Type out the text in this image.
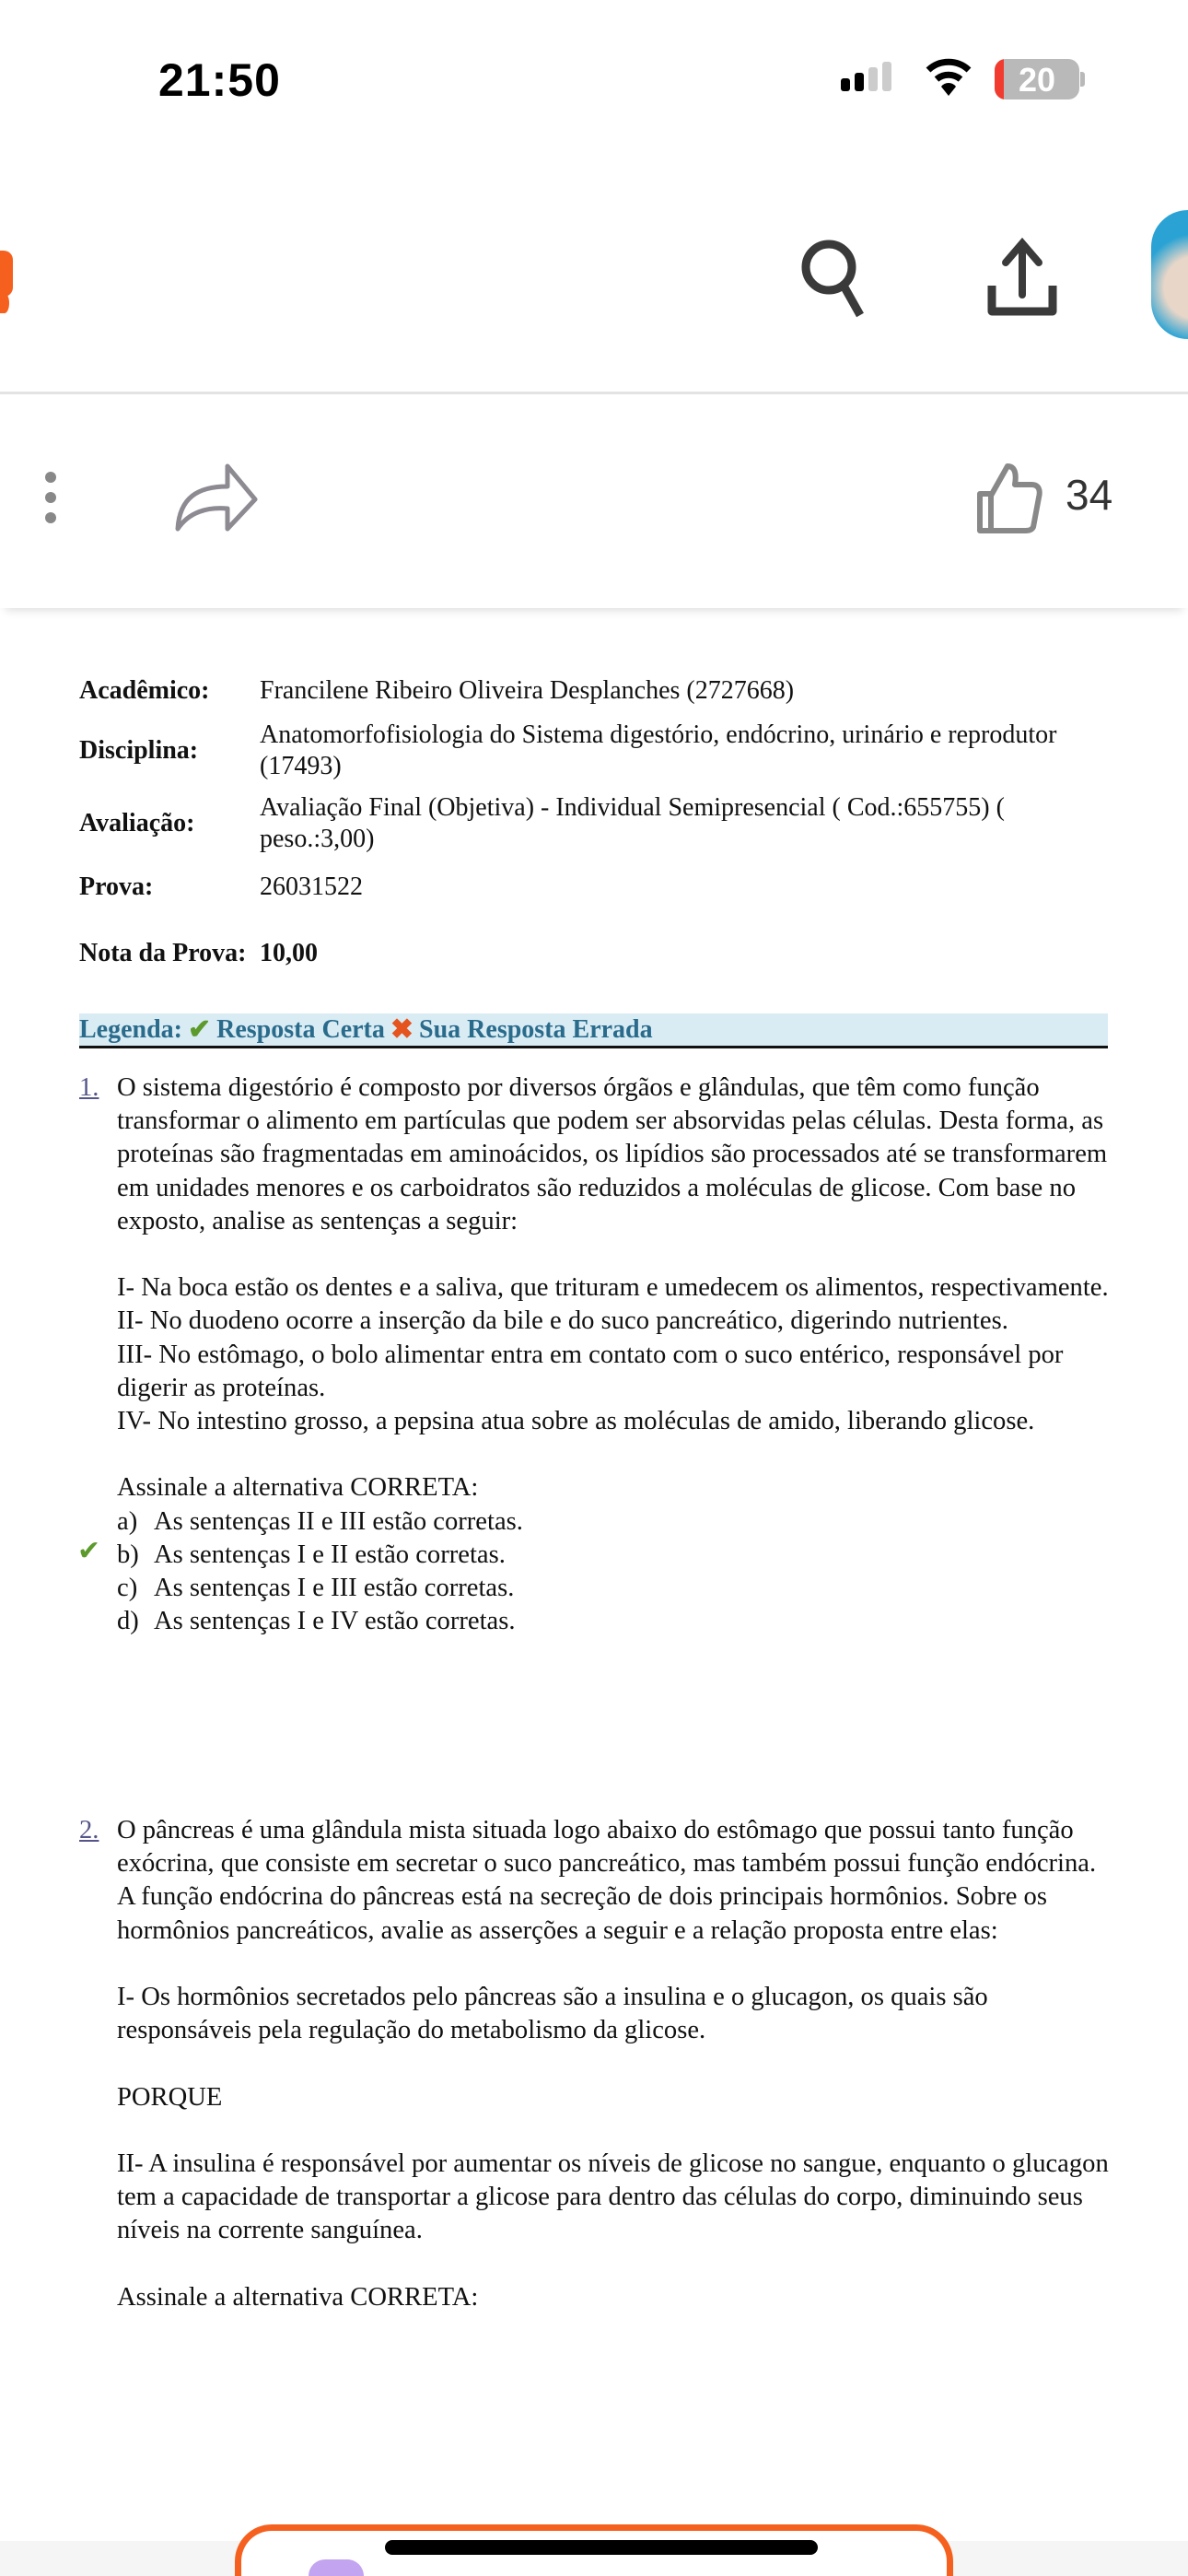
21:50	20
34
Acadêmico:	Francilene Ribeiro Oliveira Desplanches (2727668)
Disciplina:	Anatomorfofisiologia do Sistema digestório, endócrino, urinário e reprodutor (17493)
Avaliação:	Avaliação Final (Objetiva) - Individual Semipresencial ( Cod.:655755) ( peso.:3,00)
Prova:	26031522
Nota da Prova:	10,00
Legenda: ✔ Resposta Certa ✖ Sua Resposta Errada
1. O sistema digestório é composto por diversos órgãos e glândulas, que têm como função transformar o alimento em partículas que podem ser absorvidas pelas células. Desta forma, as proteínas são fragmentadas em aminoácidos, os lipídios são processados até se transformarem em unidades menores e os carboidratos são reduzidos a moléculas de glicose. Com base no exposto, analise as sentenças a seguir:

I- Na boca estão os dentes e a saliva, que trituram e umedecem os alimentos, respectivamente.

II- No duodeno ocorre a inserção da bile e do suco pancreático, digerindo nutrientes.

III- No estômago, o bolo alimentar entra em contato com o suco entérico, responsável por digerir as proteínas.

IV- No intestino grosso, a pepsina atua sobre as moléculas de amido, liberando glicose.

Assinale a alternativa CORRETA:

a) As sentenças II e III estão corretas.
✔ b) As sentenças I e II estão corretas.
c) As sentenças I e III estão corretas.
d) As sentenças I e IV estão corretas.
2. O pâncreas é uma glândula mista situada logo abaixo do estômago que possui tanto função exócrina, que consiste em secretar o suco pancreático, mas também possui função endócrina. A função endócrina do pâncreas está na secreção de dois principais hormônios. Sobre os hormônios pancreáticos, avalie as asserções a seguir e a relação proposta entre elas:

I- Os hormônios secretados pelo pâncreas são a insulina e o glucagon, os quais são responsáveis pela regulação do metabolismo da glicose.

PORQUE

II- A insulina é responsável por aumentar os níveis de glicose no sangue, enquanto o glucagon tem a capacidade de transportar a glicose para dentro das células do corpo, diminuindo seus níveis na corrente sanguínea.

Assinale a alternativa CORRETA:
